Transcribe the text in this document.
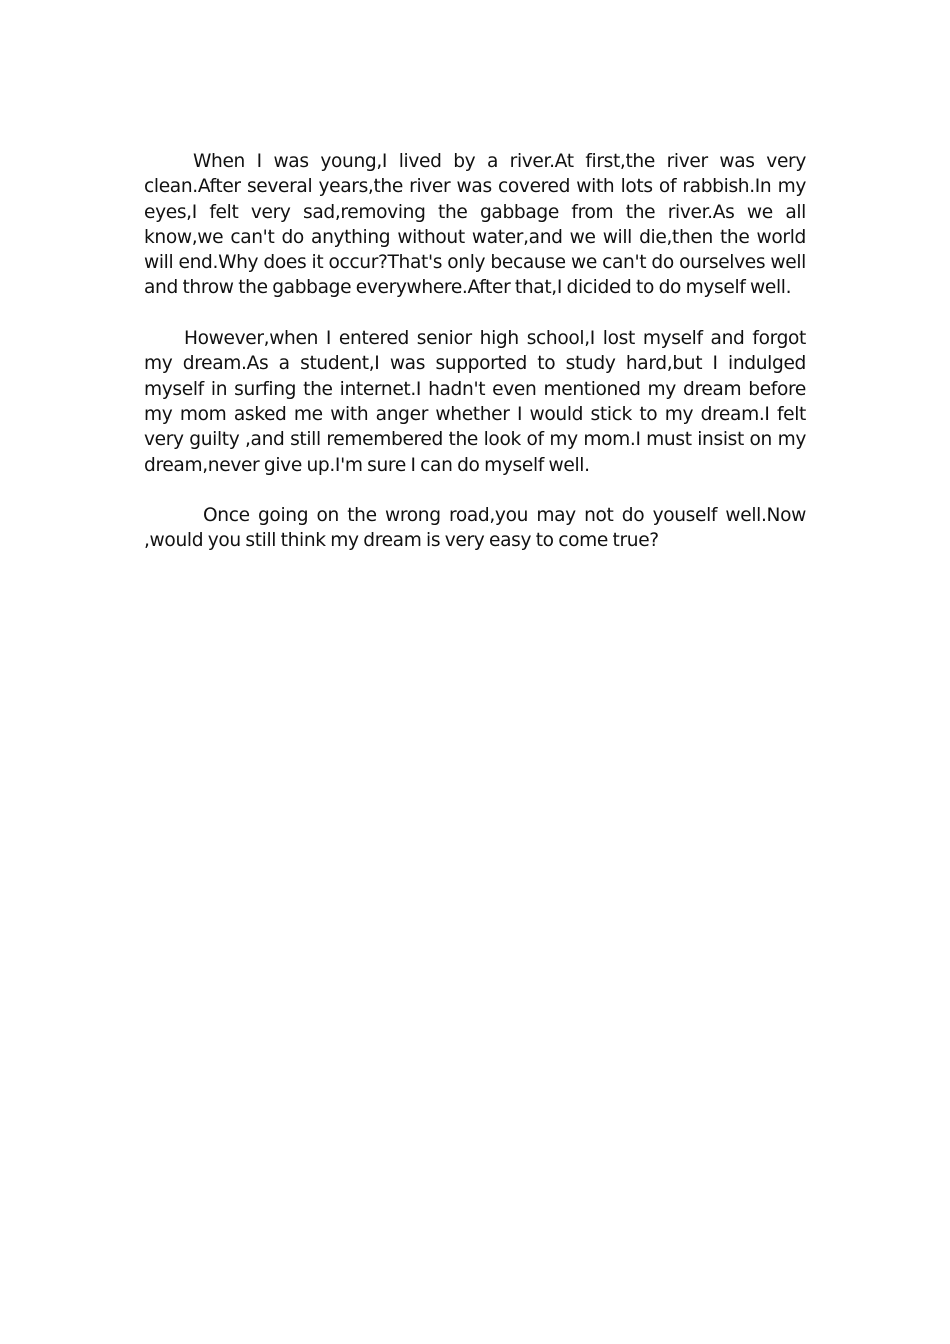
When I was young,I lived by a river.At first,the river was very clean.After several years,the river was covered with lots of rabbish.In my eyes,I felt very sad,removing the gabbage from the river.As we all know,we can't do anything without water,and we will die,then the world will end.Why does it occur?That's only because we can't do ourselves well and throw the gabbage everywhere.After that,I dicided to do myself well.

However,when I entered senior high school,I lost myself and forgot my dream.As a student,I was supported to study hard,but I indulged myself in surfing the internet.I hadn't even mentioned my dream before my mom asked me with anger whether I would stick to my dream.I felt very guilty ,and still remembered the look of my mom.I must insist on my dream,never give up.I'm sure I can do myself well.

Once going on the wrong road,you may not do youself well.Now ,would you still think my dream is very easy to come true?
